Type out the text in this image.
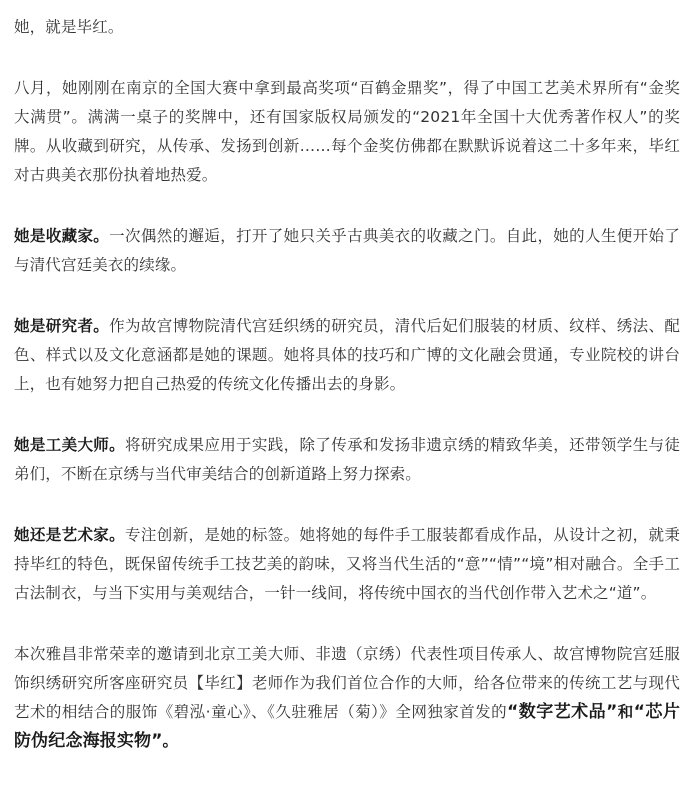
她，就是毕红。

八月，她刚刚在南京的全国大赛中拿到最高奖项“百鹤金鼎奖”，得了中国工艺美术界所有“金奖大满贯”。满满一桌子的奖牌中，还有国家版权局颁发的“2021年全国十大优秀著作权人”的奖牌。从收藏到研究，从传承、发扬到创新……每个金奖仿佛都在默默诉说着这二十多年来，毕红对古典美衣那份执着地热爱。

她是收藏家。一次偶然的邂逅，打开了她只关乎古典美衣的收藏之门。自此，她的人生便开始了与清代宫廷美衣的续缘。

她是研究者。作为故宫博物院清代宫廷织绣的研究员，清代后妃们服装的材质、纹样、绣法、配色、样式以及文化意涵都是她的课题。她将具体的技巧和广博的文化融会贯通，专业院校的讲台上，也有她努力把自己热爱的传统文化传播出去的身影。

她是工美大师。将研究成果应用于实践，除了传承和发扬非遗京绣的精致华美，还带领学生与徒弟们，不断在京绣与当代审美结合的创新道路上努力探索。

她还是艺术家。专注创新，是她的标签。她将她的每件手工服装都看成作品，从设计之初，就秉持毕红的特色，既保留传统手工技艺美的韵味，又将当代生活的“意”“情”“境”相对融合。全手工古法制衣，与当下实用与美观结合，一针一线间，将传统中国衣的当代创作带入艺术之“道”。

本次雅昌非常荣幸的邀请到北京工美大师、非遗（京绣）代表性项目传承人、故宫博物院宫廷服饰织绣研究所客座研究员【毕红】老师作为我们首位合作的大师，给各位带来的传统工艺与现代艺术的相结合的服饰《碧泓·童心》、《久驻雅居（菊）》全网独家首发的“数字艺术品”和“芯片防伪纪念海报实物”。
